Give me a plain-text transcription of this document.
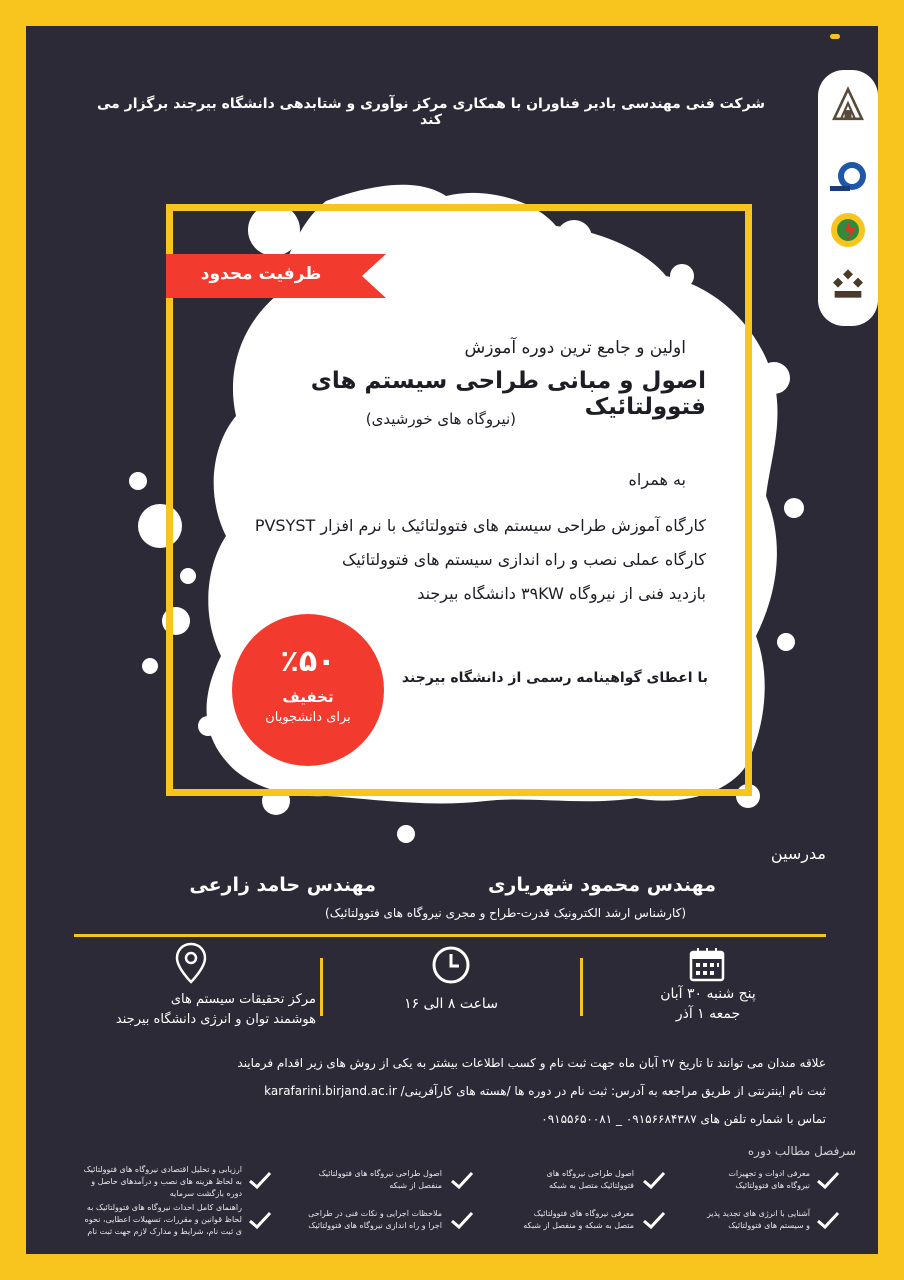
شرکت فنی مهندسی بادیر فناوران با همکاری مرکز نوآوری و شتابدهی دانشگاه بیرجند برگزار می کند
ظرفیت محدود
اولین و جامع ترین دوره آموزش
اصول و مبانی طراحی سیستم های فتوولتائیک
(نیروگاه های خورشیدی)
به همراه
کارگاه آموزش طراحی سیستم های فتوولتائیک با نرم افزار PVSYST
کارگاه عملی نصب و راه اندازی سیستم های فتوولتائیک
بازدید فنی از نیروگاه ۳۹KW دانشگاه بیرجند
با اعطای گواهینامه رسمی از دانشگاه بیرجند
٪۵۰
تخفیف
برای دانشجویان
مدرسین
مهندس محمود شهریاری
مهندس حامد زارعی
(کارشناس ارشد الکترونیک قدرت-طراح و مجری نیروگاه های فتوولتائیک)
پنج شنبه ۳۰ آبان
جمعه ۱ آذر
ساعت ۸ الی ۱۶
مرکز تحقیقات سیستم های
هوشمند توان و انرژی دانشگاه بیرجند
علاقه مندان می توانند تا تاریخ ۲۷ آبان ماه جهت ثبت نام و کسب اطلاعات بیشتر به یکی از روش های زیر اقدام فرمایند
ثبت نام اینترنتی از طریق مراجعه به آدرس: ثبت نام در دوره ها /هسته های کارآفرینی/ karafarini.birjand.ac.ir
تماس با شماره تلفن های ۰۹۱۵۶۶۸۴۳۸۷ _ ۰۹۱۵۵۶۵۰۰۸۱
سرفصل مطالب دوره
معرفی ادوات و تجهیزات نیروگاه های فتوولتائیک
اصول طراحی نیروگاه های فتوولتائیک متصل به شبکه
اصول طراحی نیروگاه های فتوولتائیک منفصل از شبکه
ارزیابی و تحلیل اقتصادی نیروگاه های فتوولتائیک به لحاظ هزینه های نصب و درآمدهای حاصل و دوره بازگشت سرمایه
آشنایی با انرژی های تجدید پذیر و سیستم های فتوولتائیک
معرفی نیروگاه های فتوولتائیک متصل به شبکه و منفصل از شبکه
ملاحظات اجرایی و نکات فنی در طراحی اجرا و راه اندازی نیروگاه های فتوولتائیک
راهنمای کامل احداث نیروگاه های فتوولتائیک به لحاظ قوانین و مقررات، تسهیلات اعطایی، نحوه ی ثبت نام، شرایط و مدارک لازم جهت ثبت نام
